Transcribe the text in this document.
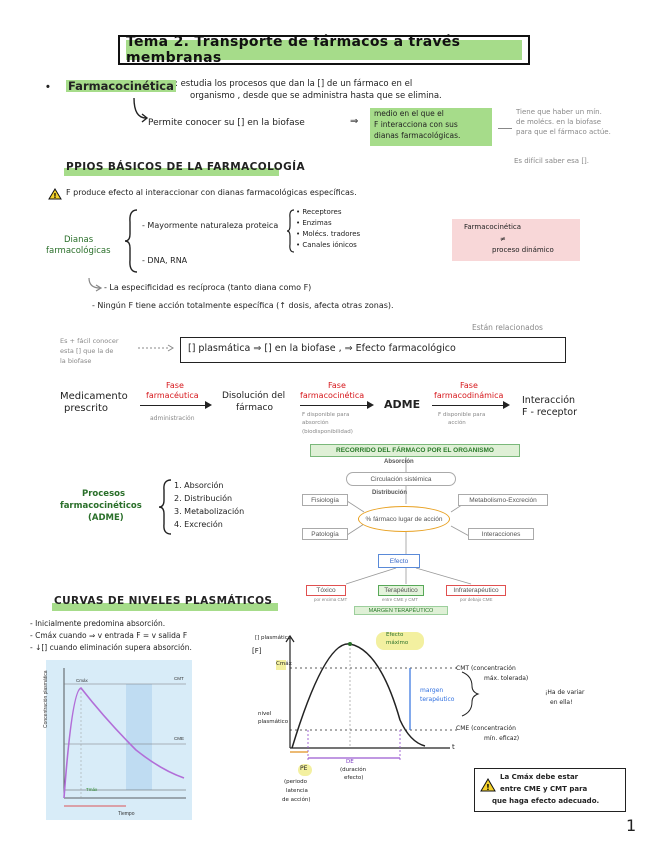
Tema 2. Transporte de fármacos a través membranas
• Farmacocinética : estudia los procesos que dan la [] de un fármaco en el
organismo , desde que se administra hasta que se elimina.
Permite conocer su [] en la biofase	⇒
medio en el que el
F interacciona con sus
dianas farmacológicas.
Tiene que haber un mín.
de molécs. en la biofase
para que el fármaco actúe.
Es difícil saber esa [].
PPIOS BÁSICOS DE LA FARMACOLOGÍA
! F produce efecto al interaccionar con dianas farmacológicas específicas.
Dianas
farmacológicas
- Mayormente naturaleza proteica
• Receptores
• Enzimas
• Molécs. tradores
• Canales iónicos
- DNA, RNA
Farmacocinética
≠
proceso dinámico
- La especificidad es recíproca (tanto diana como F)
- Ningún F tiene acción totalmente específica (↑ dosis, afecta otras zonas).
Es + fácil conocer
esta [] que la de
la biofase
Están relacionados
[] plasmática ⇒ [] en la biofase , ⇒ Efecto farmacológico
Medicamento
prescrito
Fase
farmacéutica
administración
Disolución del
fármaco
Fase
farmacocinética
F disponible para
absorción
(biodisponibilidad)
ADME
Fase
farmacodinámica
F disponible para
acción
Interacción
F - receptor
RECORRIDO DEL FÁRMACO POR EL ORGANISMO
Absorción
Circulación sistémica
Distribución
Fisiología	Metabolismo-Excreción
% fármaco lugar de acción
Patología	Interacciones
Efecto
Tóxico
por encima CMT
Terapéutico
entre CME y CMT
Infraterapéutico
por debajo CME
MARGEN TERAPÉUTICO
Procesos
farmacocinéticos
(ADME)
1. Absorción
2. Distribución
3. Metabolización
4. Excreción
CURVAS DE NIVELES PLASMÁTICOS
- Inicialmente predomina absorción.
- Cmáx cuando ⇒ v entrada F = v salida F
- ↓[] cuando eliminación supera absorción.
Concentración plasmática
Tiempo
Cmáx
Tmáx
CMT
CME
[F]
[] plasmática
Cmáx
Efecto
máximo
nivel
plasmático
CMT (concentración
máx. tolerada)
CME (concentración
mín. eficaz)
margen
terapéutico
¡Ha de variar
en ella!
PE
(periodo
latencia
de acción)
DE
(duración
efecto)
t
!
La Cmáx debe estar
entre CME y CMT para
que haga efecto adecuado.
1
